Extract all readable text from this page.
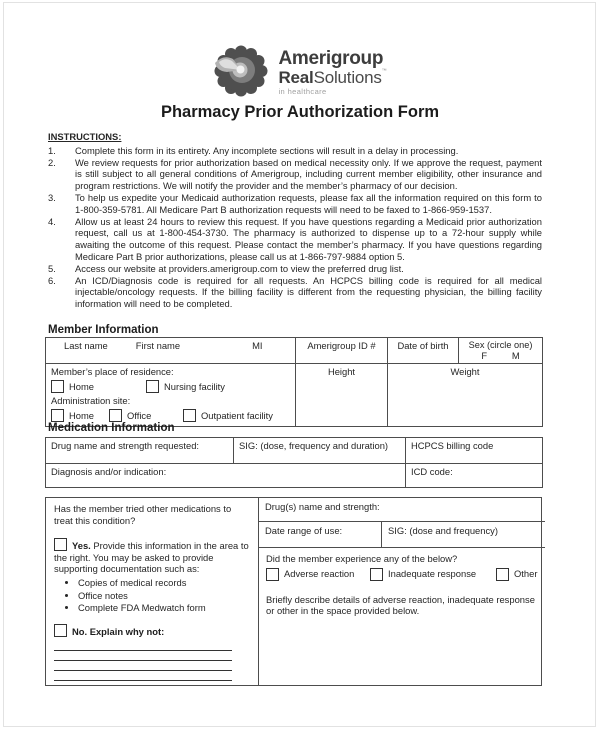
Amerigroup
RealSolutions™
in healthcare
Pharmacy Prior Authorization Form
INSTRUCTIONS:
1.	Complete this form in its entirety. Any incomplete sections will result in a delay in processing.
2.	We review requests for prior authorization based on medical necessity only. If we approve the request, payment is still subject to all general conditions of Amerigroup, including current member eligibility, other insurance and program restrictions. We will notify the provider and the member’s pharmacy of our decision.
3.	To help us expedite your Medicaid authorization requests, please fax all the information required on this form to 1-800-359-5781. All Medicare Part B authorization requests will need to be faxed to 1-866-959-1537.
4.	Allow us at least 24 hours to review this request. If you have questions regarding a Medicaid prior authorization request, call us at 1-800-454-3730. The pharmacy is authorized to dispense up to a 72-hour supply while awaiting the outcome of this request. Please contact the member’s pharmacy. If you have questions regarding Medicare Part B prior authorizations, please call us at 1-866-797-9884 option 5.
5.	Access our website at providers.amerigroup.com to view the preferred drug list.
6.	An ICD/Diagnosis code is required for all requests. An HCPCS billing code is required for all medical injectable/oncology requests. If the billing facility is different from the requesting physician, the billing facility information will need to be completed.
Member Information
Last name First name MI	Amerigroup ID #	Date of birth	Sex (circle one)
F M

Member’s place of residence:
Home	Nursing facility
Administration site:
Home	Office	Outpatient facility
	Height	Weight
Medication Information
Drug name and strength requested:	SIG: (dose, frequency and duration)	HCPCS billing code
Diagnosis and/or indication:		ICD code:
Has the member tried other medications to treat this condition?
Yes. Provide this information in the area to the right. You may be asked to provide supporting documentation such as:
• Copies of medical records
• Office notes
• Complete FDA Medwatch form
No. Explain why not:
Drug(s) name and strength:
Date range of use:	SIG: (dose and frequency)
Did the member experience any of the below?
Adverse reaction	Inadequate response	Other
Briefly describe details of adverse reaction, inadequate response or other in the space provided below.
